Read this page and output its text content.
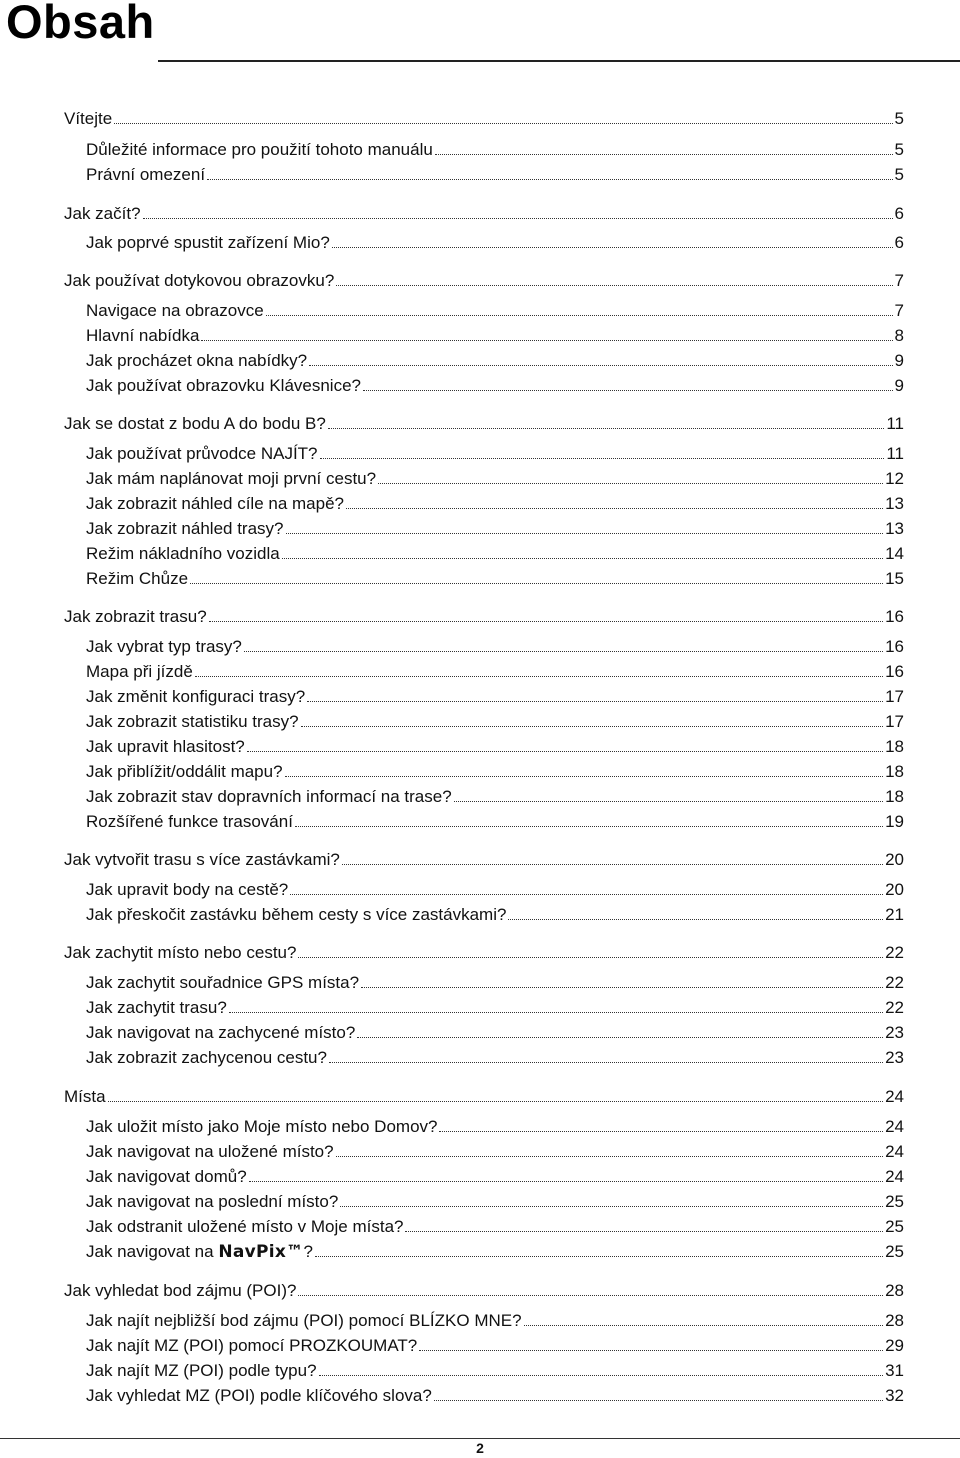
Obsah
Vítejte	5
Důležité informace pro použití tohoto manuálu	5
Právní omezení	5
Jak začít?	6
Jak poprvé spustit zařízení Mio?	6
Jak používat dotykovou obrazovku?	7
Navigace na obrazovce	7
Hlavní nabídka	8
Jak procházet okna nabídky?	9
Jak používat obrazovku Klávesnice?	9
Jak se dostat z bodu A do bodu B?	11
Jak používat průvodce NAJÍT?	11
Jak mám naplánovat moji první cestu?	12
Jak zobrazit náhled cíle na mapě?	13
Jak zobrazit náhled trasy?	13
Režim nákladního vozidla	14
Režim Chůze	15
Jak zobrazit trasu?	16
Jak vybrat typ trasy?	16
Mapa při jízdě	16
Jak změnit konfiguraci trasy?	17
Jak zobrazit statistiku trasy?	17
Jak upravit hlasitost?	18
Jak přiblížit/oddálit mapu?	18
Jak zobrazit stav dopravních informací na trase?	18
Rozšířené funkce trasování	19
Jak vytvořit trasu s více zastávkami?	20
Jak upravit body na cestě?	20
Jak přeskočit zastávku během cesty s více zastávkami?	21
Jak zachytit místo nebo cestu?	22
Jak zachytit souřadnice GPS místa?	22
Jak zachytit trasu?	22
Jak navigovat na zachycené místo?	23
Jak zobrazit zachycenou cestu?	23
Místa	24
Jak uložit místo jako Moje místo nebo Domov?	24
Jak navigovat na uložené místo?	24
Jak navigovat domů?	24
Jak navigovat na poslední místo?	25
Jak odstranit uložené místo v Moje místa?	25
Jak navigovat na NavPix™?	25
Jak vyhledat bod zájmu (POI)?	28
Jak najít nejbližší bod zájmu (POI) pomocí BLÍZKO MNE?	28
Jak najít MZ (POI) pomocí PROZKOUMAT?	29
Jak najít MZ (POI) podle typu?	31
Jak vyhledat MZ (POI) podle klíčového slova?	32
2
